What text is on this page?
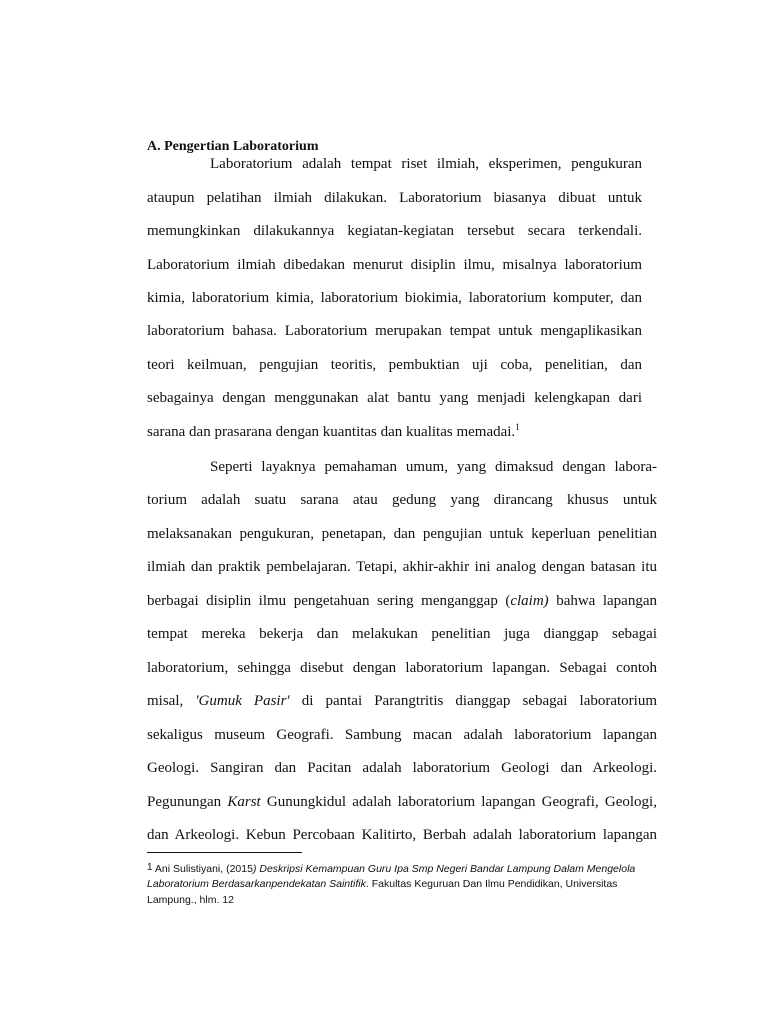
A. Pengertian Laboratorium
Laboratorium adalah tempat riset ilmiah, eksperimen, pengukuran
ataupun pelatihan ilmiah dilakukan. Laboratorium biasanya dibuat untuk
memungkinkan dilakukannya kegiatan-kegiatan tersebut secara terkendali.
Laboratorium ilmiah dibedakan menurut disiplin ilmu, misalnya laboratorium
kimia, laboratorium kimia, laboratorium biokimia, laboratorium komputer, dan
laboratorium bahasa. Laboratorium merupakan tempat untuk mengaplikasikan
teori keilmuan, pengujian teoritis, pembuktian uji coba, penelitian, dan
sebagainya dengan menggunakan alat bantu yang menjadi kelengkapan dari
sarana dan prasarana dengan kuantitas dan kualitas memadai.$^1$
Seperti layaknya pemahaman umum, yang dimaksud dengan labora-
torium adalah suatu sarana atau gedung yang dirancang khusus untuk
melaksanakan pengukuran, penetapan, dan pengujian untuk keperluan penelitian
ilmiah dan praktik pembelajaran. Tetapi, akhir-akhir ini analog dengan batasan itu
berbagai disiplin ilmu pengetahuan sering menganggap (claim) bahwa lapangan
tempat mereka bekerja dan melakukan penelitian juga dianggap sebagai
laboratorium, sehingga disebut dengan laboratorium lapangan. Sebagai contoh
misal, 'Gumuk Pasir' di pantai Parangtritis dianggap sebagai laboratorium
sekaligus museum Geografi. Sambung macan adalah laboratorium lapangan
Geologi. Sangiran dan Pacitan adalah laboratorium Geologi dan Arkeologi.
Pegunungan Karst Gunungkidul adalah laboratorium lapangan Geografi, Geologi,
dan Arkeologi. Kebun Percobaan Kalitirto, Berbah adalah laboratorium lapangan
1 Ani Sulistiyani, (2015) Deskripsi Kemampuan Guru Ipa Smp Negeri Bandar Lampung Dalam Mengelola
Laboratorium Berdasarkanpendekatan Saintifik. Fakultas Keguruan Dan Ilmu Pendidikan, Universitas
Lampung., hlm. 12
